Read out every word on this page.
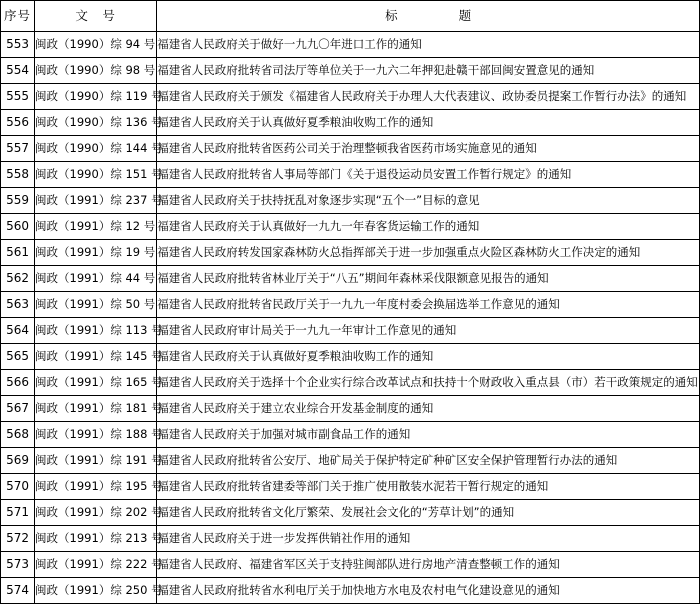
序号	文　号	标　　题
553	闽政（1990）综 94 号	福建省人民政府关于做好一九九〇年进口工作的通知
554	闽政（1990）综 98 号	福建省人民政府批转省司法厅等单位关于一九六二年押犯赴赣干部回闽安置意见的通知
555	闽政（1990）综 119 号	福建省人民政府关于颁发《福建省人民政府关于办理人大代表建议、政协委员提案工作暂行办法》的通知
556	闽政（1990）综 136 号	福建省人民政府关于认真做好夏季粮油收购工作的通知
557	闽政（1990）综 144 号	福建省人民政府批转省医药公司关于治理整顿我省医药市场实施意见的通知
558	闽政（1990）综 151 号	福建省人民政府批转省人事局等部门《关于退役运动员安置工作暂行规定》的通知
559	闽政（1991）综 237 号	福建省人民政府关于扶持抚乱对象逐步实现“五个一”目标的意见
560	闽政（1991）综 12 号	福建省人民政府关于认真做好一九九一年春客货运输工作的通知
561	闽政（1991）综 19 号	福建省人民政府转发国家森林防火总指挥部关于进一步加强重点火险区森林防火工作决定的通知
562	闽政（1991）综 44 号	福建省人民政府批转省林业厅关于“八五”期间年森林采伐限额意见报告的通知
563	闽政（1991）综 50 号	福建省人民政府批转省民政厅关于一九九一年度村委会换届选举工作意见的通知
564	闽政（1991）综 113 号	福建省人民政府审计局关于一九九一年审计工作意见的通知
565	闽政（1991）综 145 号	福建省人民政府关于认真做好夏季粮油收购工作的通知
566	闽政（1991）综 165 号	福建省人民政府关于选择十个企业实行综合改革试点和扶持十个财政收入重点县（市）若干政策规定的通知
567	闽政（1991）综 181 号	福建省人民政府关于建立农业综合开发基金制度的通知
568	闽政（1991）综 188 号	福建省人民政府关于加强对城市副食品工作的通知
569	闽政（1991）综 191 号	福建省人民政府批转省公安厅、地矿局关于保护特定矿种矿区安全保护管理暂行办法的通知
570	闽政（1991）综 195 号	福建省人民政府批转省建委等部门关于推广使用散装水泥若干暂行规定的通知
571	闽政（1991）综 202 号	福建省人民政府批转省文化厅繁荣、发展社会文化的“芳草计划”的通知
572	闽政（1991）综 213 号	福建省人民政府关于进一步发挥供销社作用的通知
573	闽政（1991）综 222 号	福建省人民政府、福建省军区关于支持驻闽部队进行房地产清查整顿工作的通知
574	闽政（1991）综 250 号	福建省人民政府批转省水利电厅关于加快地方水电及农村电气化建设意见的通知
